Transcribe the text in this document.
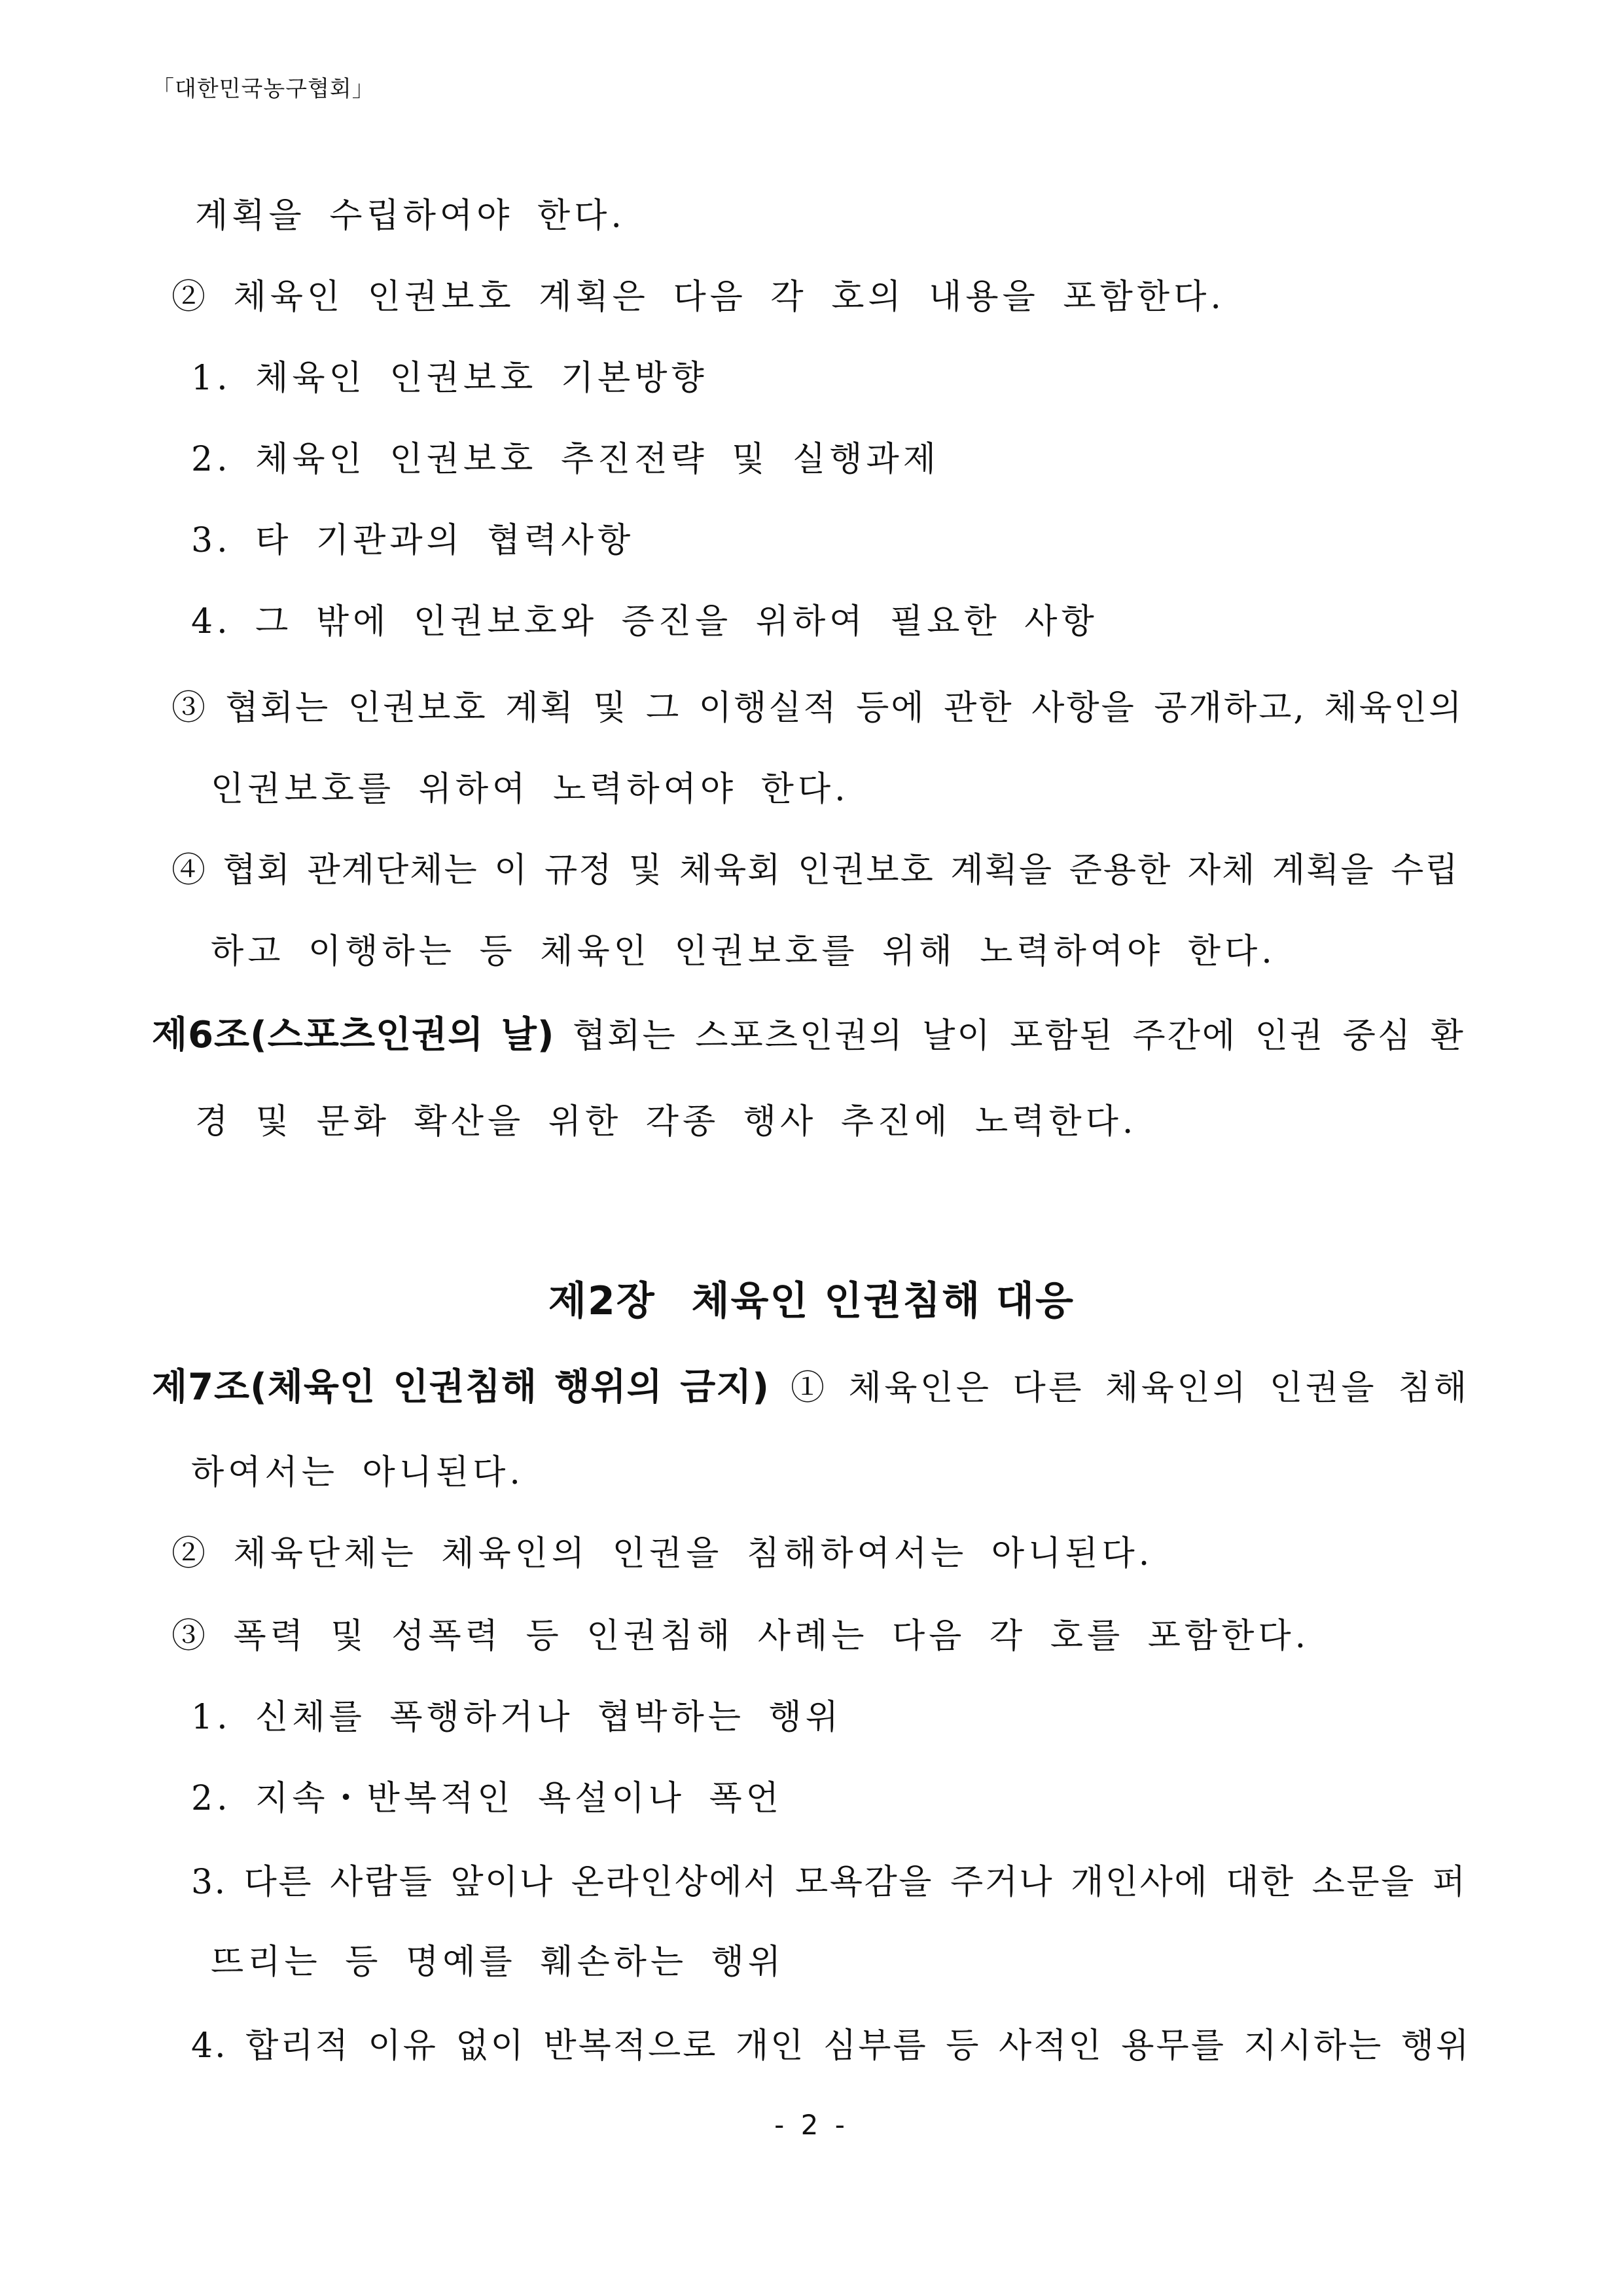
「대한민국농구협회」
계획을 수립하여야 한다.
② 체육인 인권보호 계획은 다음 각 호의 내용을 포함한다.
1. 체육인 인권보호 기본방향
2. 체육인 인권보호 추진전략 및 실행과제
3. 타 기관과의 협력사항
4. 그 밖에 인권보호와 증진을 위하여 필요한 사항
③ 협회는 인권보호 계획 및 그 이행실적 등에 관한 사항을 공개하고, 체육인의
인권보호를 위하여 노력하여야 한다.
④ 협회 관계단체는 이 규정 및 체육회 인권보호 계획을 준용한 자체 계획을 수립
하고 이행하는 등 체육인 인권보호를 위해 노력하여야 한다.
제6조(스포츠인권의 날) 협회는 스포츠인권의 날이 포함된 주간에 인권 중심 환
경 및 문화 확산을 위한 각종 행사 추진에 노력한다.
제2장 체육인 인권침해 대응
제7조(체육인 인권침해 행위의 금지) ① 체육인은 다른 체육인의 인권을 침해
하여서는 아니된다.
② 체육단체는 체육인의 인권을 침해하여서는 아니된다.
③ 폭력 및 성폭력 등 인권침해 사례는 다음 각 호를 포함한다.
1. 신체를 폭행하거나 협박하는 행위
2. 지속・반복적인 욕설이나 폭언
3. 다른 사람들 앞이나 온라인상에서 모욕감을 주거나 개인사에 대한 소문을 퍼
뜨리는 등 명예를 훼손하는 행위
4. 합리적 이유 없이 반복적으로 개인 심부름 등 사적인 용무를 지시하는 행위
- 2 -
